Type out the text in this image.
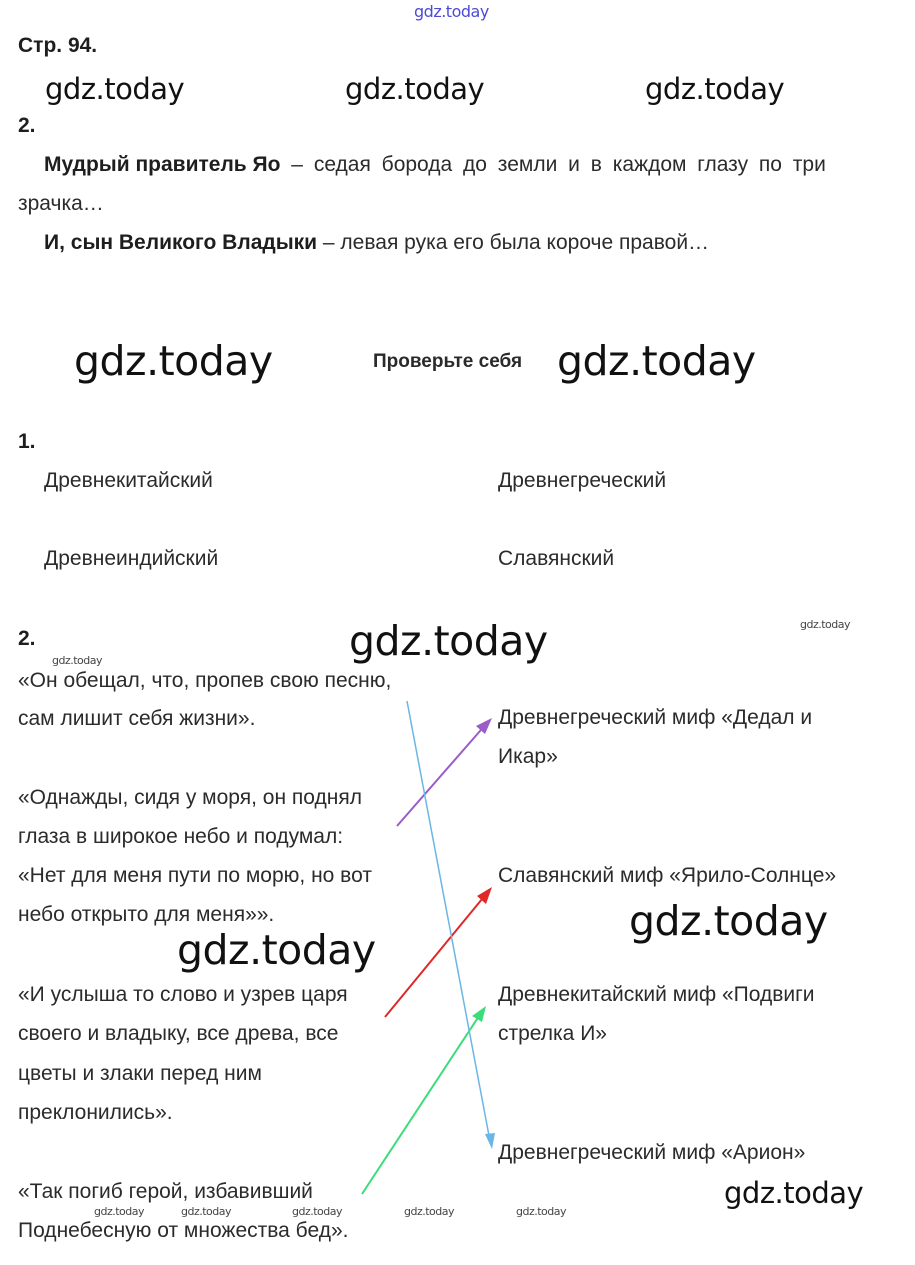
gdz.today
Стр. 94.
gdz.today	gdz.today	gdz.today
2.
Мудрый правитель Яо – седая борода до земли и в каждом глазу по три
зрачка…
И, сын Великого Владыки – левая рука его была короче правой…
gdz.today	Проверьте себя gdz.today
1.
Древнекитайский	Древнегреческий
Древнеиндийский	Славянский
2.	gdz.today	gdz.today
gdz.today
«Он обещал, что, пропев свою песню,
сам лишит себя жизни».
«Однажды, сидя у моря, он поднял
глаза в широкое небо и подумал:
«Нет для меня пути по морю, но вот
небо открыто для меня»».
gdz.today
«И услыша то слово и узрев царя
своего и владыку, все древа, все
цветы и злаки перед ним
преклонились».
«Так погиб герой, избавивший
Поднебесную от множества бед».
Древнегреческий миф «Дедал и
Икар»
Славянский миф «Ярило-Солнце»
gdz.today
Древнекитайский миф «Подвиги
стрелка И»
Древнегреческий миф «Арион»
gdz.today
gdz.today	gdz.today	gdz.today	gdz.today	gdz.today
